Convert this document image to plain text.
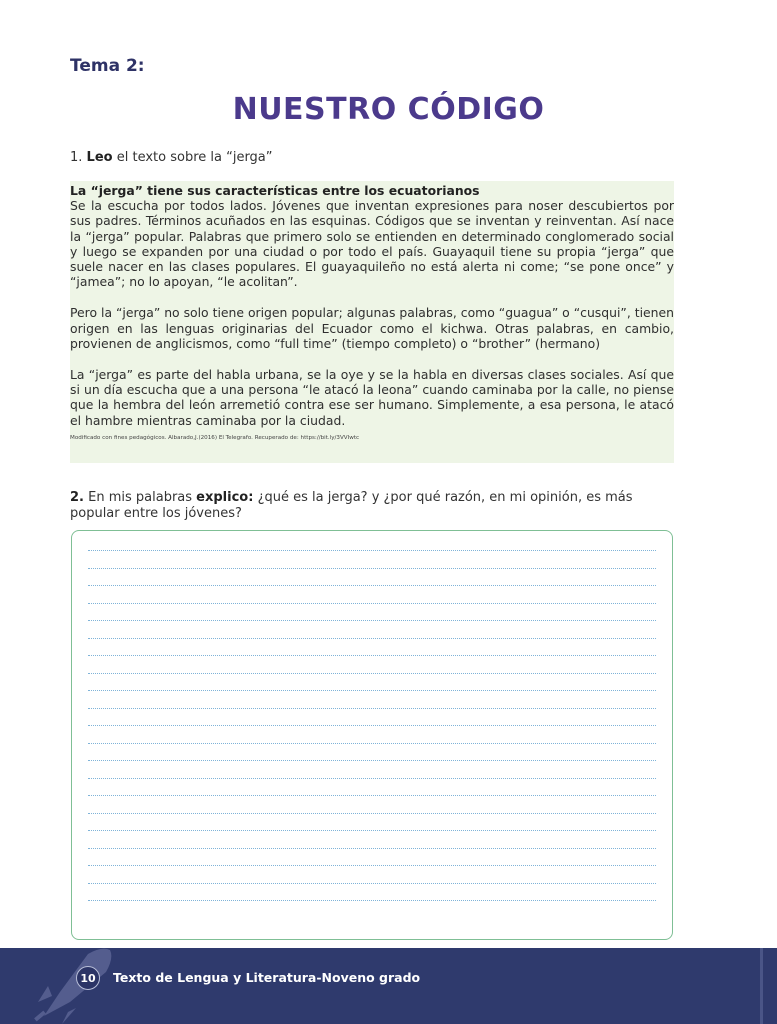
Tema 2:
NUESTRO CÓDIGO
1. Leo el texto sobre la “jerga”

La “jerga” tiene sus características entre los ecuatorianos

Se la escucha por todos lados. Jóvenes que inventan expresiones para noser descubiertos por sus padres. Términos acuñados en las esquinas. Códigos que se inventan y reinventan. Así nace la “jerga” popular. Palabras que primero solo se entienden en determinado conglomerado social y luego se expanden por una ciudad o por todo el país. Guayaquil tiene su propia “jerga” que suele nacer en las clases populares. El guayaquileño no está alerta ni come; “se pone once” y “jamea”; no lo apoyan, “le acolitan”.

Pero la “jerga” no solo tiene origen popular; algunas palabras, como “guagua” o “cusqui”, tienen origen en las lenguas originarias del Ecuador como el kichwa. Otras palabras, en cambio, provienen de anglicismos, como “full time” (tiempo completo) o “brother” (hermano)

La “jerga” es parte del habla urbana, se la oye y se la habla en diversas clases sociales. Así que si un día escucha que a una persona “le atacó la leona” cuando caminaba por la calle, no piense que la hembra del león arremetió contra ese ser humano. Simplemente, a esa persona, le atacó el hambre mientras caminaba por la ciudad.

Modificado con fines pedagógicos. Albarado,J.(2016) El Telegrafo. Recuperado de: https://bit.ly/3VVIwtc

2. En mis palabras explico: ¿qué es la jerga? y ¿por qué razón, en mi opinión, es más popular entre los jóvenes?
10	Texto de Lengua y Literatura-Noveno grado
